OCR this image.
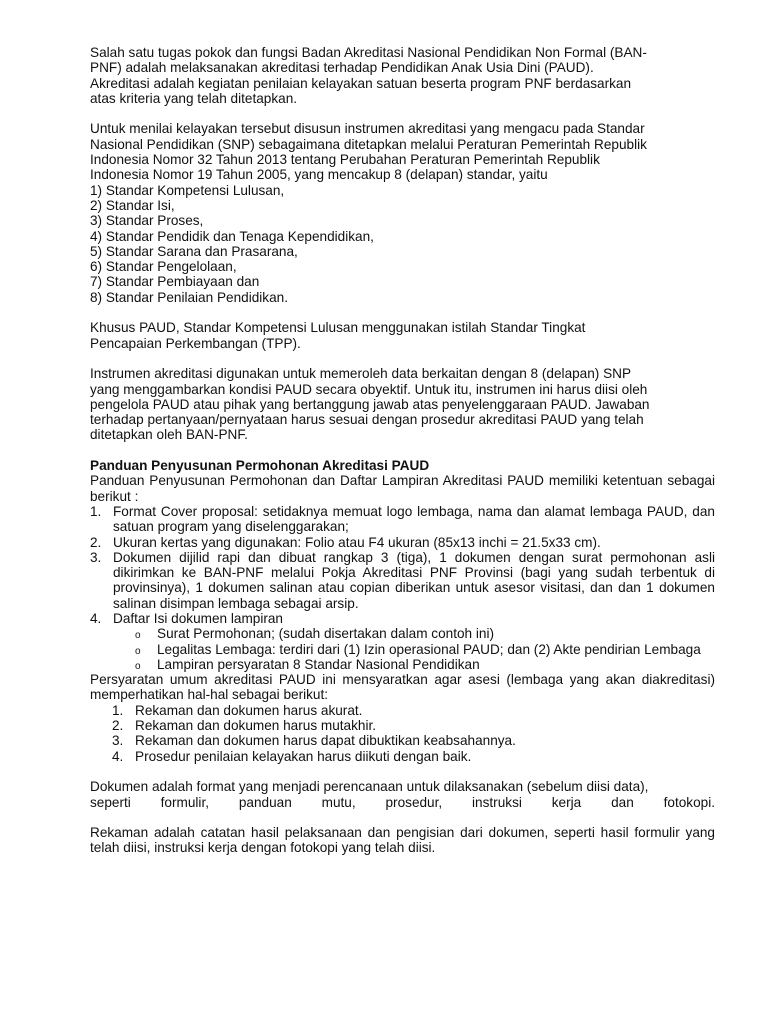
Salah satu tugas pokok dan fungsi Badan Akreditasi Nasional Pendidikan Non Formal (BAN-
PNF) adalah melaksanakan akreditasi terhadap Pendidikan Anak Usia Dini (PAUD).
Akreditasi adalah kegiatan penilaian kelayakan satuan beserta program PNF berdasarkan
atas kriteria yang telah ditetapkan.
Untuk menilai kelayakan tersebut disusun instrumen akreditasi yang mengacu pada Standar
Nasional Pendidikan (SNP) sebagaimana ditetapkan melalui Peraturan Pemerintah Republik
Indonesia Nomor 32 Tahun 2013 tentang Perubahan Peraturan Pemerintah Republik
Indonesia Nomor 19 Tahun 2005, yang mencakup 8 (delapan) standar, yaitu
1) Standar Kompetensi Lulusan,
2) Standar Isi,
3) Standar Proses,
4) Standar Pendidik dan Tenaga Kependidikan,
5) Standar Sarana dan Prasarana,
6) Standar Pengelolaan,
7) Standar Pembiayaan dan
8) Standar Penilaian Pendidikan.
Khusus PAUD, Standar Kompetensi Lulusan menggunakan istilah Standar Tingkat
Pencapaian Perkembangan (TPP).
Instrumen akreditasi digunakan untuk memeroleh data berkaitan dengan 8 (delapan) SNP
yang menggambarkan kondisi PAUD secara obyektif. Untuk itu, instrumen ini harus diisi oleh
pengelola PAUD atau pihak yang bertanggung jawab atas penyelenggaraan PAUD. Jawaban
terhadap pertanyaan/pernyataan harus sesuai dengan prosedur akreditasi PAUD yang telah
ditetapkan oleh BAN-PNF.
Panduan Penyusunan Permohonan Akreditasi PAUD
Panduan Penyusunan Permohonan dan Daftar Lampiran Akreditasi PAUD memiliki ketentuan sebagai berikut :
1. Format Cover proposal: setidaknya memuat logo lembaga, nama dan alamat lembaga PAUD, dan satuan program yang diselenggarakan;
2. Ukuran kertas yang digunakan: Folio atau F4 ukuran (85x13 inchi = 21.5x33 cm).
3. Dokumen dijilid rapi dan dibuat rangkap 3 (tiga), 1 dokumen dengan surat permohonan asli dikirimkan ke BAN-PNF melalui Pokja Akreditasi PNF Provinsi (bagi yang sudah terbentuk di provinsinya), 1 dokumen salinan atau copian diberikan untuk asesor visitasi, dan dan 1 dokumen salinan disimpan lembaga sebagai arsip.
4. Daftar Isi dokumen lampiran
o Surat Permohonan; (sudah disertakan dalam contoh ini)
o Legalitas Lembaga: terdiri dari (1) Izin operasional PAUD; dan (2) Akte pendirian Lembaga
o Lampiran persyaratan 8 Standar Nasional Pendidikan
Persyaratan umum akreditasi PAUD ini mensyaratkan agar asesi (lembaga yang akan diakreditasi) memperhatikan hal-hal sebagai berikut:
1. Rekaman dan dokumen harus akurat.
2. Rekaman dan dokumen harus mutakhir.
3. Rekaman dan dokumen harus dapat dibuktikan keabsahannya.
4. Prosedur penilaian kelayakan harus diikuti dengan baik.
Dokumen adalah format yang menjadi perencanaan untuk dilaksanakan (sebelum diisi data),
seperti formulir, panduan mutu, prosedur, instruksi kerja dan fotokopi.
Rekaman adalah catatan hasil pelaksanaan dan pengisian dari dokumen, seperti hasil formulir yang telah diisi, instruksi kerja dengan fotokopi yang telah diisi.
